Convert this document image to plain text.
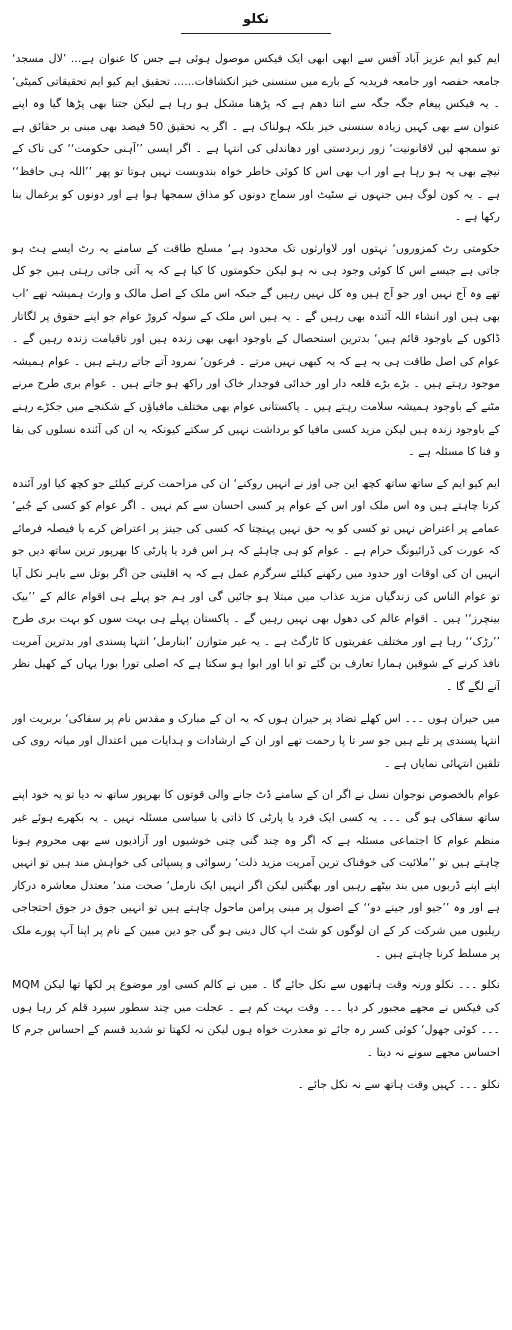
نکلو

ایم کیو ایم عزیز آباد آفس سے ابھی ابھی ایک فیکس موصول ہوئی ہے جس کا عنوان ہے... ’لال مسجد‘ جامعہ حفصہ اور جامعہ فریدیہ کے بارے میں سنسنی خیز انکشافات...... تحقیق ایم کیو ایم تحقیقاتی کمیٹی‘ ۔ یہ فیکس پیغام جگہ جگہ سے اتنا دھم ہے کہ پڑھنا مشکل ہو رہا ہے لیکن جتنا بھی پڑھا گیا وہ اپنے عنوان سے بھی کہیں زیادہ سنسنی خیز بلکہ ہولناک ہے ۔ اگر یہ تحقیق 50 فیصد بھی مبنی بر حقائق ہے تو سمجھ لیں لاقانونیت‘ زور زبردستی اور دھاندلی کی انتہا ہے ۔ اگر ایسی ’’آہنی حکومت‘‘ کی ناک کے نیچے بھی یہ ہو رہا ہے اور اب بھی اس کا کوئی خاطر خواہ بندوبست نہیں ہوتا تو پھر ’’اللہ ہی حافظ‘‘ ہے ۔ یہ کون لوگ ہیں جنہوں نے سٹیٹ اور سماج دونوں کو مذاق سمجھا ہوا ہے اور دونوں کو یرغمال بنا رکھا ہے ۔

حکومتی رٹ کمزوروں‘ نہتوں اور لاوارثوں تک محدود ہے‘ مسلح طاقت کے سامنے یہ رٹ ایسے ہٹ ہو جاتی ہے جیسے اس کا کوئی وجود ہی نہ ہو لیکن حکومتوں کا کیا ہے کہ یہ آتی جاتی رہتی ہیں جو کل تھے وہ آج نہیں اور جو آج ہیں وہ کل نہیں رہیں گے جبکہ اس ملک کے اصل مالک و وارث ہمیشہ تھے ’اب بھی ہیں اور انشاء اللہ آئندہ بھی رہیں گے ۔ یہ ہیں اس ملک کے سولہ کروڑ عوام جو اپنے حقوق پر لگاتار ڈاکوں کے باوجود قائم ہیں‘ بدترین استحصال کے باوجود ابھی بھی زندہ ہیں اور تاقیامت زندہ رہیں گے ۔ عوام کی اصل طاقت ہی یہ ہے کہ یہ کبھی نہیں مرتے ۔ فرعون‘ نمرود آتے جاتے رہتے ہیں ۔ عوام ہمیشہ موجود رہتے ہیں ۔ بڑے بڑے قلعہ دار اور خدائی فوجدار خاک اور راکھ ہو جاتے ہیں ۔ عوام بری طرح مرنے مٹنے کے باوجود ہمیشہ سلامت رہتے ہیں ۔ پاکستانی عوام بھی مختلف مافیاؤں کے شکنجے میں جکڑے رہنے کے باوجود زندہ ہیں لیکن مزید کسی مافیا کو برداشت نہیں کر سکتے کیونکہ یہ ان کی آئندہ نسلوں کی بقا و فنا کا مسئلہ ہے ۔

ایم کیو ایم کے ساتھ ساتھ کچھ این جی اوز نے انہیں روکنے‘ ان کی مزاحمت کرنے کیلئے جو کچھ کیا اور آئندہ کرنا چاہتے ہیں وہ اس ملک اور اس کے عوام پر کسی احسان سے کم نہیں ۔ اگر عوام کو کسی کے جُبے‘ عمامے پر اعتراض نہیں تو کسی کو یہ حق نہیں پہنچتا کہ کسی کی جینز پر اعتراض کرے یا فیصلہ فرمائے کہ عورت کی ڈرائیونگ حرام ہے ۔ عوام کو ہی چاہئے کہ ہر اس فرد یا پارٹی کا بھرپور ترین ساتھ دیں جو انہیں ان کی اوقات اور حدود میں رکھنے کیلئے سرگرم عمل ہے کہ یہ اقلیتی جن اگر بوتل سے باہر نکل آیا تو عوام الناس کی زندگیاں مزید عذاب میں مبتلا ہو جائیں گی اور ہم جو پہلے ہی اقوام عالم کے ’’بیک بینچرز‘‘ ہیں ۔ اقوام عالم کی دھول بھی نہیں رہیں گے ۔ پاکستان پہلے ہی بہت سوں کو بہت بری طرح ’’رڑک‘‘ رہا ہے اور مختلف عفریتوں کا ٹارگٹ ہے ۔ یہ غیر متوازن ’ابنارمل‘ انتہا پسندی اور بدترین آمریت نافذ کرنے کے شوقین ہمارا تعارف بن گئے تو ابا اور ابوا ہو سکتا ہے کہ اصلی تورا بورا یہاں کے کھیل نظر آنے لگے گا ۔

میں حیران ہوں ۔۔۔ اس کھلے تضاد پر حیران ہوں کہ یہ ان کے مبارک و مقدس نام پر سفاکی‘ بربریت اور انتہا پسندی پر تلے ہیں جو سر تا پا رحمت تھے اور ان کے ارشادات و ہدایات میں اعتدال اور میانہ روی کی تلقین انتہائی نمایاں ہے ۔

عوام بالخصوص نوجوان نسل نے اگر ان کے سامنے ڈٹ جانے والی قوتوں کا بھرپور ساتھ نہ دیا تو یہ خود اپنے ساتھ سفاکی ہو گی ۔۔۔ یہ کسی ایک فرد یا پارٹی کا ذاتی یا سیاسی مسئلہ نہیں ۔ یہ بکھرے ہوئے غیر منظم عوام کا اجتماعی مسئلہ ہے کہ اگر وہ چند گنی چنی خوشیوں اور آزادیوں سے بھی محروم ہونا چاہتے ہیں تو ’’ملائیت کی خوفناک ترین آمریت مزید ذلت‘ رسوائی و پسپائی کی خواہش مند ہیں تو انہیں اپنے اپنے ڈربوں میں بند بیٹھے رہیں اور بھگتیں لیکن اگر انہیں ایک نارمل‘ صحت مند‘ معتدل معاشرہ درکار ہے اور وہ ’’جیو اور جینے دو‘‘ کے اصول پر مبنی پرامن ماحول چاہتے ہیں تو انہیں جوق در جوق احتجاجی ریلیوں میں شرکت کر کے ان لوگوں کو شٹ اپ کال دینی ہو گی جو دین مبین کے نام پر اپنا آپ پورے ملک پر مسلط کرنا چاہتے ہیں ۔

نکلو ۔۔۔ نکلو ورنہ وقت ہاتھوں سے نکل جائے گا ۔ میں نے کالم کسی اور موضوع پر لکھا تھا لیکن MQM کی فیکس نے مجھے مجبور کر دیا ۔۔۔ وقت بہت کم ہے ۔ عجلت میں چند سطور سپرد قلم کر رہا ہوں ۔۔۔ کوئی جھول‘ کوئی کسر رہ جائے تو معذرت خواہ ہوں لیکن نہ لکھتا تو شدید قسم کے احساس جرم کا احساس مجھے سونے نہ دیتا ۔

نکلو ۔۔۔ کہیں وقت ہاتھ سے نہ نکل جائے ۔
